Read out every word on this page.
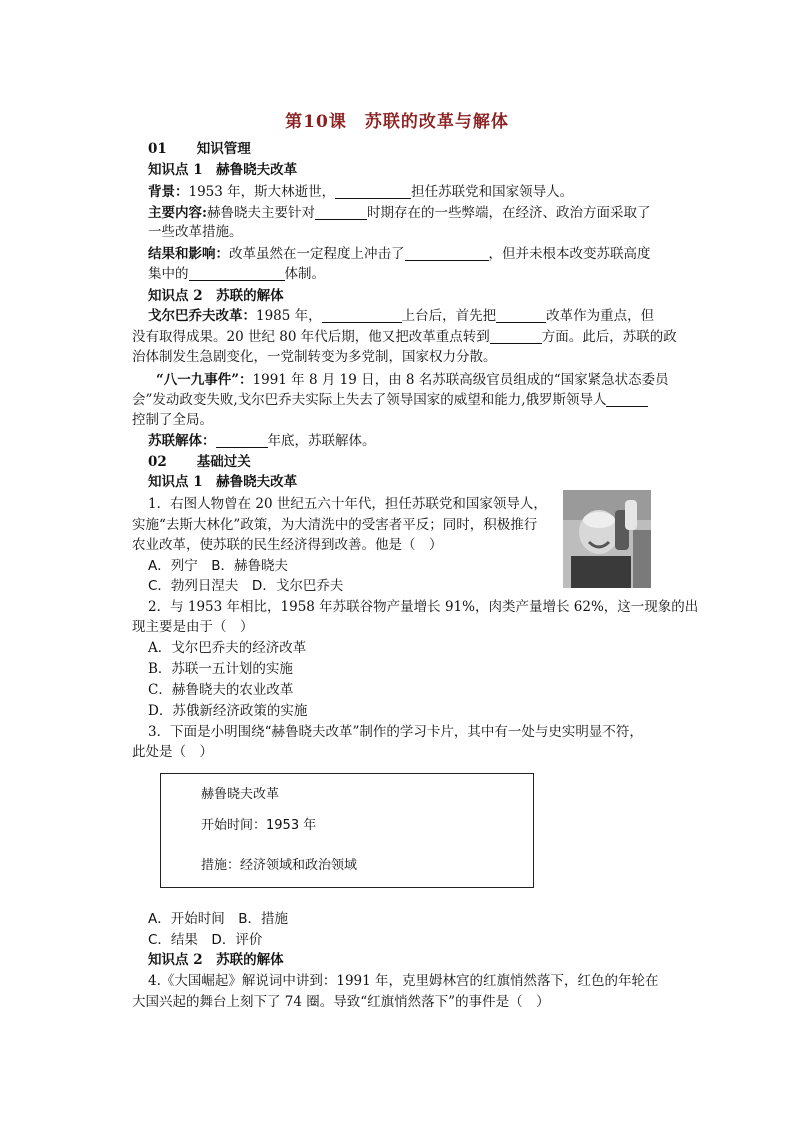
第10课　苏联的改革与解体
01 知识管理
知识点 1　赫鲁晓夫改革
背景：1953 年，斯大林逝世，	担任苏联党和国家领导人。
主要内容:赫鲁晓夫主要针对	时期存在的一些弊端，在经济、政治方面采取了
一些改革措施。
结果和影响：改革虽然在一定程度上冲击了	，但并未根本改变苏联高度
集中的	体制。
知识点 2　苏联的解体
戈尔巴乔夫改革：1985 年，	上台后，首先把	改革作为重点，但
没有取得成果。20 世纪 80 年代后期，他又把改革重点转到	方面。此后，苏联的政
治体制发生急剧变化，一党制转变为多党制，国家权力分散。
“八一九事件”：1991 年 8 月 19 日，由 8 名苏联高级官员组成的“国家紧急状态委员
会”发动政变失败,戈尔巴乔夫实际上失去了领导国家的威望和能力,俄罗斯领导人
控制了全局。
苏联解体：	年底，苏联解体。
02 基础过关
知识点 1　赫鲁晓夫改革
1．右图人物曾在 20 世纪五六十年代，担任苏联党和国家领导人，
实施“去斯大林化”政策，为大清洗中的受害者平反；同时，积极推行
农业改革，使苏联的民生经济得到改善。他是（　）
A．列宁　B．赫鲁晓夫
C．勃列日涅夫　D．戈尔巴乔夫
2．与 1953 年相比，1958 年苏联谷物产量增长 91%，肉类产量增长 62%，这一现象的出
现主要是由于（　）
A．戈尔巴乔夫的经济改革
B．苏联一五计划的实施
C．赫鲁晓夫的农业改革
D．苏俄新经济政策的实施
3．下面是小明围绕“赫鲁晓夫改革”制作的学习卡片，其中有一处与史实明显不符，
此处是（　）
赫鲁晓夫改革
开始时间：1953 年
措施：经济领域和政治领域
A．开始时间　B．措施
C．结果　D．评价
知识点 2　苏联的解体
4.《大国崛起》解说词中讲到：1991 年，克里姆林宫的红旗悄然落下，红色的年轮在
大国兴起的舞台上刻下了 74 圈。导致“红旗悄然落下”的事件是（　）
